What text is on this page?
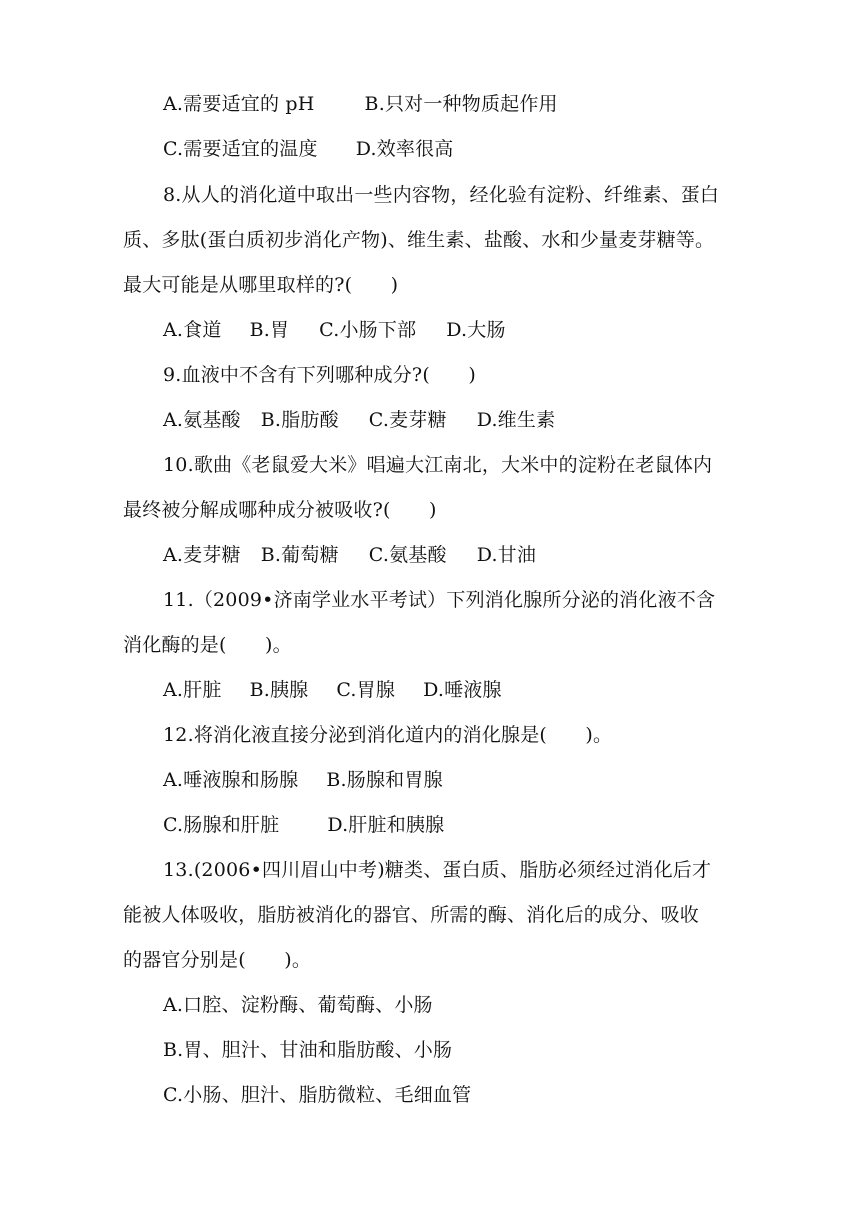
A.需要适宜的 pH	B.只对一种物质起作用
C.需要适宜的温度 D.效率很高
8.从人的消化道中取出一些内容物，经化验有淀粉、纤维素、蛋白
质、多肽(蛋白质初步消化产物)、维生素、盐酸、水和少量麦芽糖等。
最大可能是从哪里取样的?(　　)
A.食道 B.胃 C.小肠下部 D.大肠
9.血液中不含有下列哪种成分?(　　)
A.氨基酸 B.脂肪酸 C.麦芽糖 D.维生素
10.歌曲《老鼠爱大米》唱遍大江南北，大米中的淀粉在老鼠体内
最终被分解成哪种成分被吸收?(　　)
A.麦芽糖 B.葡萄糖 C.氨基酸 D.甘油
11.（2009•济南学业水平考试）下列消化腺所分泌的消化液不含
消化酶的是(　　)。
A.肝脏 B.胰腺 C.胃腺 D.唾液腺
12.将消化液直接分泌到消化道内的消化腺是(　　)。
A.唾液腺和肠腺 B.肠腺和胃腺
C.肠腺和肝脏	D.肝脏和胰腺
13.(2006•四川眉山中考)糖类、蛋白质、脂肪必须经过消化后才
能被人体吸收，脂肪被消化的器官、所需的酶、消化后的成分、吸收
的器官分别是(　　)。
A.口腔、淀粉酶、葡萄酶、小肠
B.胃、胆汁、甘油和脂肪酸、小肠
C.小肠、胆汁、脂肪微粒、毛细血管
